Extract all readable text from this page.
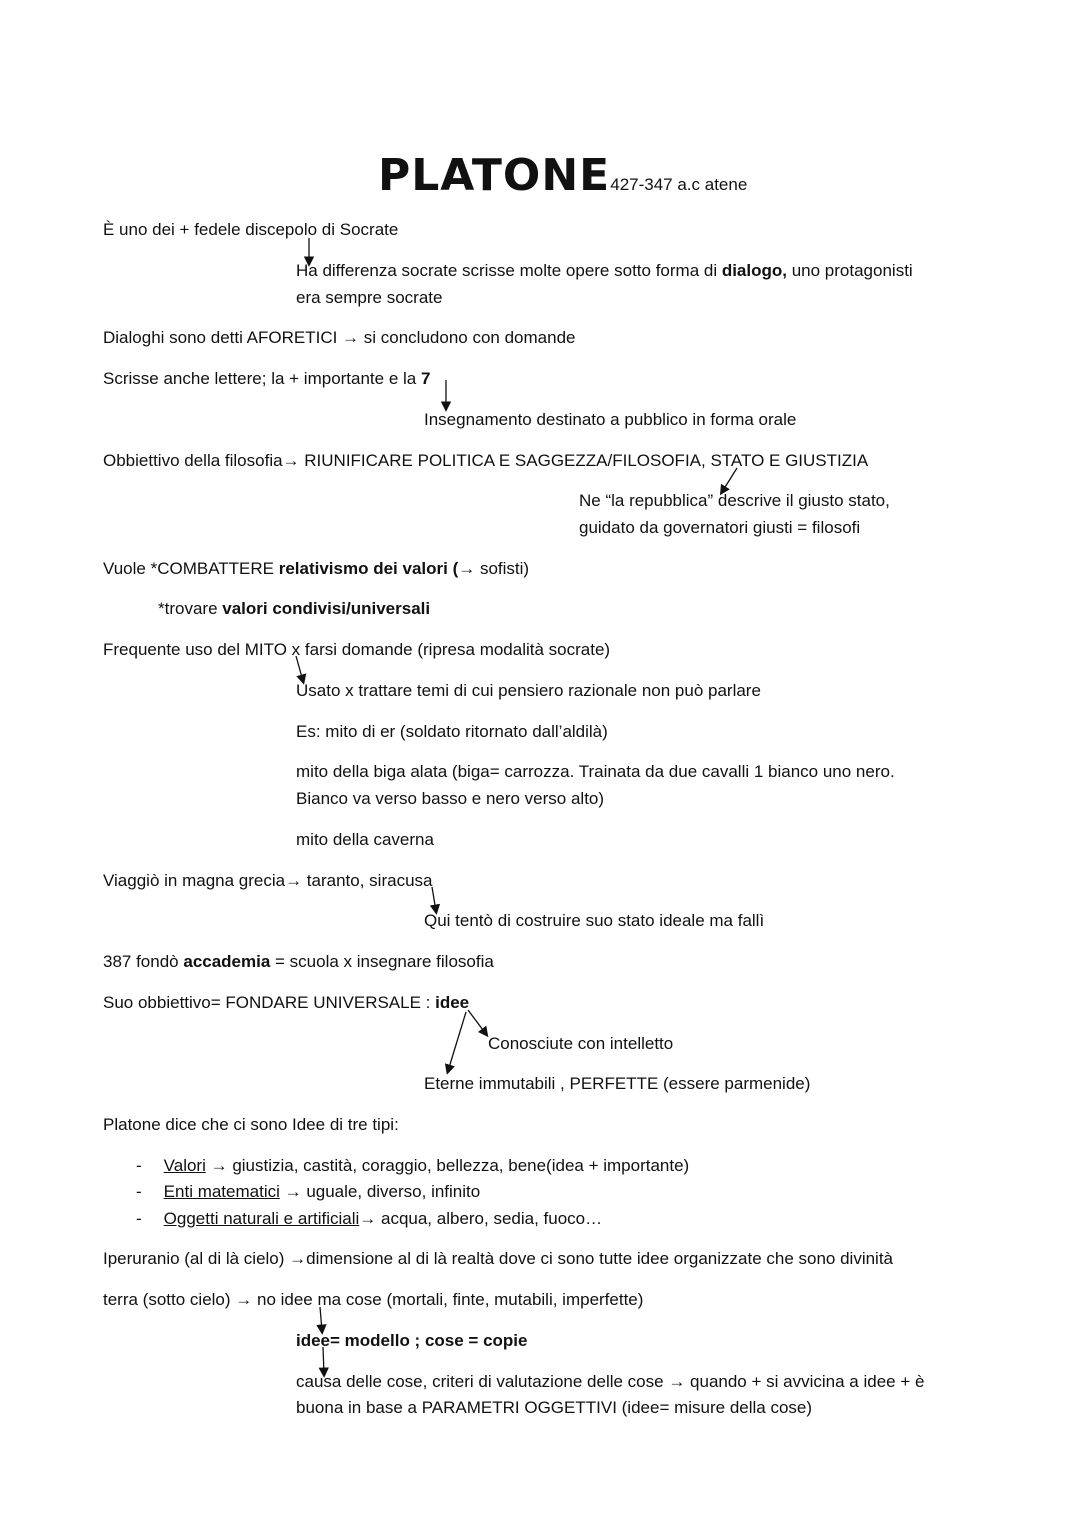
PLATONE427-347 a.c atene
È uno dei + fedele discepolo di Socrate
Ha differenza socrate scrisse molte opere sotto forma di dialogo, uno protagonisti
era sempre socrate
Dialoghi sono detti AFORETICI → si concludono con domande
Scrisse anche lettere; la + importante e la 7
Insegnamento destinato a pubblico in forma orale
Obbiettivo della filosofia→ RIUNIFICARE POLITICA E SAGGEZZA/FILOSOFIA, STATO E GIUSTIZIA
Ne “la repubblica” descrive il giusto stato,
guidato da governatori giusti = filosofi
Vuole *COMBATTERE relativismo dei valori (→ sofisti)
*trovare valori condivisi/universali
Frequente uso del MITO x farsi domande (ripresa modalità socrate)
Usato x trattare temi di cui pensiero razionale non può parlare
Es: mito di er (soldato ritornato dall’aldilà)
mito della biga alata (biga= carrozza. Trainata da due cavalli 1 bianco uno nero.
Bianco va verso basso e nero verso alto)
mito della caverna
Viaggiò in magna grecia→ taranto, siracusa
Qui tentò di costruire suo stato ideale ma fallì
387 fondò accademia = scuola x insegnare filosofia
Suo obbiettivo= FONDARE UNIVERSALE : idee
Conosciute con intelletto
Eterne immutabili , PERFETTE (essere parmenide)
Platone dice che ci sono Idee di tre tipi:
- Valori → giustizia, castità, coraggio, bellezza, bene(idea + importante)
- Enti matematici → uguale, diverso, infinito
- Oggetti naturali e artificiali→ acqua, albero, sedia, fuoco…
Iperuranio (al di là cielo) →dimensione al di là realtà dove ci sono tutte idee organizzate che sono divinità
terra (sotto cielo) → no idee ma cose (mortali, finte, mutabili, imperfette)
idee= modello ; cose = copie
causa delle cose, criteri di valutazione delle cose → quando + si avvicina a idee + è
buona in base a PARAMETRI OGGETTIVI (idee= misure della cose)
